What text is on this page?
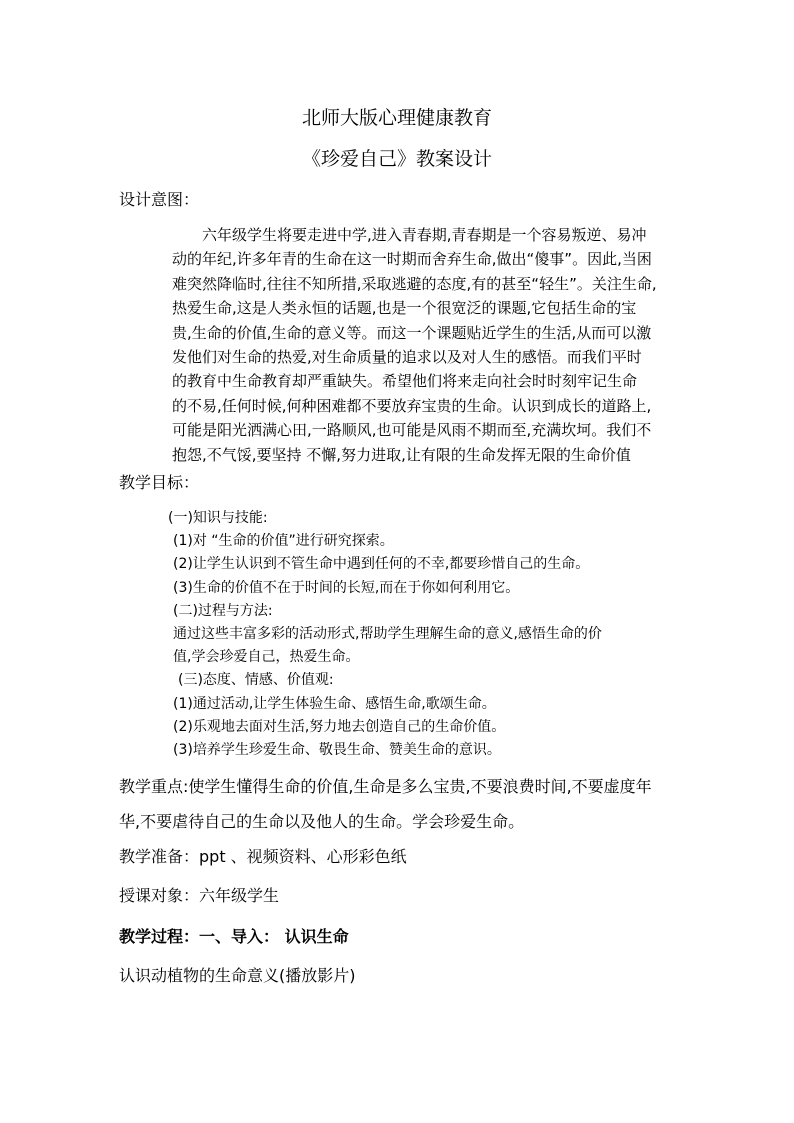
北师大版心理健康教育
《珍爱自己》教案设计
设计意图：
六年级学生将要走进中学,进入青春期,青春期是一个容易叛逆、易冲
动的年纪,许多年青的生命在这一时期而舍弃生命,做出“傻事”。因此,当困
难突然降临时,往往不知所措,采取逃避的态度,有的甚至“轻生”。关注生命,
热爱生命,这是人类永恒的话题,也是一个很宽泛的课题,它包括生命的宝
贵,生命的价值,生命的意义等。而这一个课题贴近学生的生活,从而可以激
发他们对生命的热爱,对生命质量的追求以及对人生的感悟。而我们平时
的教育中生命教育却严重缺失。希望他们将来走向社会时时刻牢记生命
的不易,任何时候,何种困难都不要放弃宝贵的生命。认识到成长的道路上,
可能是阳光洒满心田,一路顺风,也可能是风雨不期而至,充满坎坷。我们不
抱怨,不气馁,要坚持 不懈,努力进取,让有限的生命发挥无限的生命价值
教学目标：
(一)知识与技能:
(1)对 “生命的价值”进行研究探索。
(2)让学生认识到不管生命中遇到任何的不幸,都要珍惜自己的生命。
(3)生命的价值不在于时间的长短,而在于你如何利用它。
(二)过程与方法:
通过这些丰富多彩的活动形式,帮助学生理解生命的意义,感悟生命的价
值,学会珍爱自己，热爱生命。
(三)态度、情感、价值观:
(1)通过活动,让学生体验生命、感悟生命,歌颂生命。
(2)乐观地去面对生活,努力地去创造自己的生命价值。
(3)培养学生珍爱生命、敬畏生命、赞美生命的意识。
教学重点:使学生懂得生命的价值,生命是多么宝贵,不要浪费时间,不要虚度年
华,不要虐待自己的生命以及他人的生命。学会珍爱生命。
教学准备：ppt 、视频资料、心形彩色纸
授课对象：六年级学生
教学过程：一、导入： 认识生命
认识动植物的生命意义(播放影片)
